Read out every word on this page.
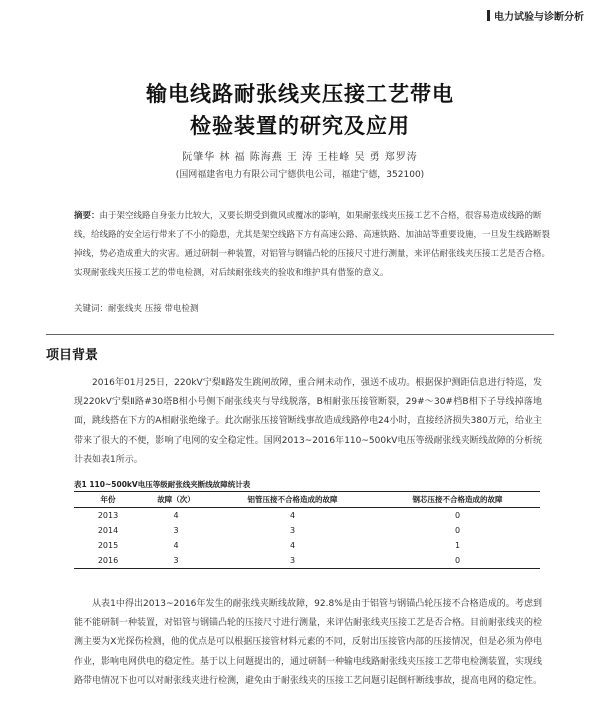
电力试验与诊断分析
输电线路耐张线夹压接工艺带电
检验装置的研究及应用
阮肇华 林 福 陈海燕 王 涛 王桂峰 吴 勇 郑罗涛
(国网福建省电力有限公司宁德供电公司，福建宁德，352100)
摘要：由于架空线路自身张力比较大，又要长期受到微风或覆冰的影响，如果耐张线夹压接工艺不合格，很容易造成线路的断线，给线路的安全运行带来了不小的隐患，尤其是架空线路下方有高速公路、高速铁路、加油站等重要设施，一旦发生线路断裂掉线，势必造成重大的灾害。通过研制一种装置，对铝管与钢锚凸轮的压接尺寸进行测量，来评估耐张线夹压接工艺是否合格。实现耐张线夹压接工艺的带电检测，对后续耐张线夹的验收和维护具有借鉴的意义。
关键词：耐张线夹 压接 带电检测
项目背景
2016年01月25日，220kV宁梨Ⅱ路发生跳闸故障，重合闸未动作，强送不成功。根据保护测距信息进行特巡，发现220kV宁梨Ⅱ路#30塔B相小号侧下耐张线夹与导线脱落，B相耐张压接管断裂，29#～30#档B相下子导线掉落地面，跳线搭在下方的A相耐张绝缘子。此次耐张压接管断线事故造成线路停电24小时，直接经济损失380万元，给业主带来了很大的不便，影响了电网的安全稳定性。国网2013~2016年110~500kV电压等级耐张线夹断线故障的分析统计表如表1所示。
表1 110~500kV电压等级耐张线夹断线故障统计表
年份	故障（次）	铝管压接不合格造成的故障	钢芯压接不合格造成的故障
2013	4	4	0
2014	3	3	0
2015	4	4	1
2016	3	3	0
从表1中得出2013~2016年发生的耐张线夹断线故障，92.8%是由于铝管与钢锚凸轮压接不合格造成的。考虑到能不能研制一种装置，对铝管与钢锚凸轮的压接尺寸进行测量，来评估耐张线夹压接工艺是否合格。目前耐张线夹的检测主要为X光探伤检测，他的优点是可以根据压接管材料元素的不同，反射出压接管内部的压接情况，但是必须为停电作业，影响电网供电的稳定性。基于以上问题提出的，通过研制一种输电线路耐张线夹压接工艺带电检测装置，实现线路带电情况下也可以对耐张线夹进行检测，避免由于耐张线夹的压接工艺问题引起倒杆断线事故，提高电网的稳定性。
